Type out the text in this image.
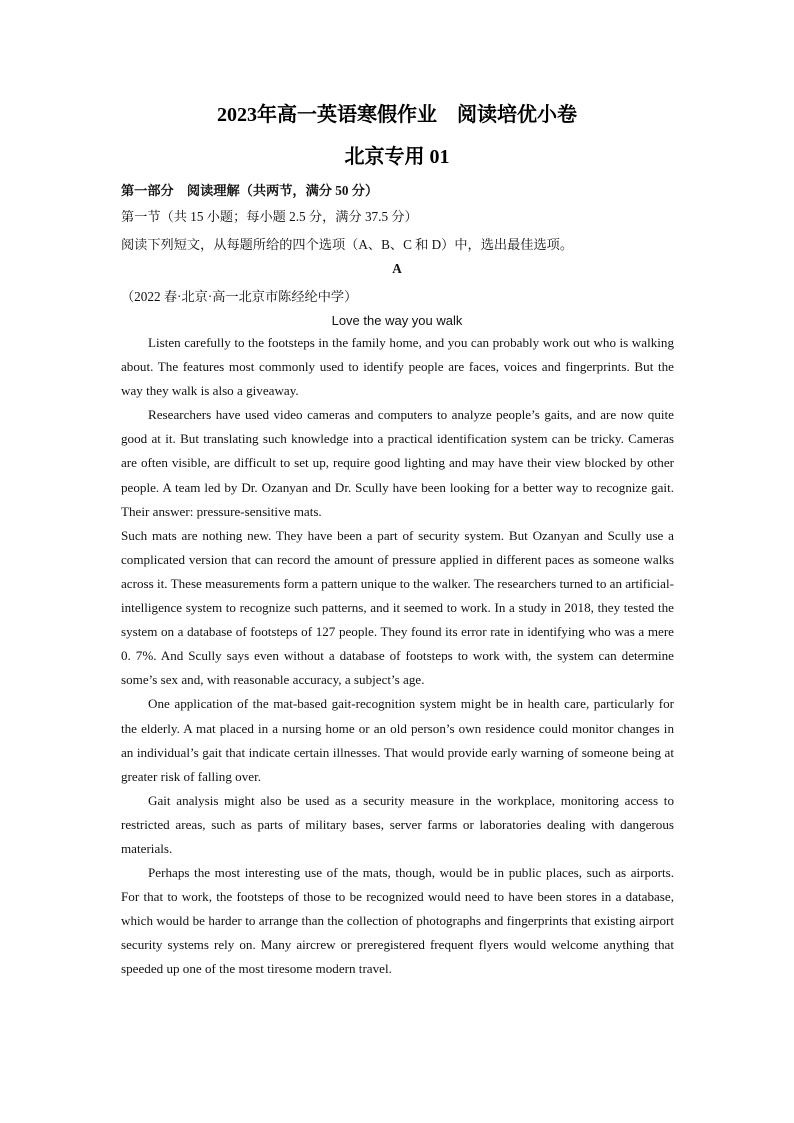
2023年高一英语寒假作业　阅读培优小卷
北京专用 01
第一部分　阅读理解（共两节，满分 50 分）
第一节（共 15 小题；每小题 2.5 分，满分 37.5 分）
阅读下列短文，从每题所给的四个选项（A、B、C 和 D）中，选出最佳选项。
A
（2022 春·北京·高一北京市陈经纶中学）
Love the way you walk

Listen carefully to the footsteps in the family home, and you can probably work out who is walking about. The features most commonly used to identify people are faces, voices and fingerprints. But the way they walk is also a giveaway.

Researchers have used video cameras and computers to analyze people’s gaits, and are now quite good at it. But translating such knowledge into a practical identification system can be tricky. Cameras are often visible, are difficult to set up, require good lighting and may have their view blocked by other people. A team led by Dr. Ozanyan and Dr. Scully have been looking for a better way to recognize gait. Their answer: pressure-sensitive mats.

Such mats are nothing new. They have been a part of security system. But Ozanyan and Scully use a complicated version that can record the amount of pressure applied in different paces as someone walks across it. These measurements form a pattern unique to the walker. The researchers turned to an artificial-intelligence system to recognize such patterns, and it seemed to work. In a study in 2018, they tested the system on a database of footsteps of 127 people. They found its error rate in identifying who was a mere 0. 7%. And Scully says even without a database of footsteps to work with, the system can determine some’s sex and, with reasonable accuracy, a subject’s age.

One application of the mat-based gait-recognition system might be in health care, particularly for the elderly. A mat placed in a nursing home or an old person’s own residence could monitor changes in an individual’s gait that indicate certain illnesses. That would provide early warning of someone being at greater risk of falling over.

Gait analysis might also be used as a security measure in the workplace, monitoring access to restricted areas, such as parts of military bases, server farms or laboratories dealing with dangerous materials.

Perhaps the most interesting use of the mats, though, would be in public places, such as airports. For that to work, the footsteps of those to be recognized would need to have been stores in a database, which would be harder to arrange than the collection of photographs and fingerprints that existing airport security systems rely on. Many aircrew or preregistered frequent flyers would welcome anything that speeded up one of the most tiresome modern travel.
